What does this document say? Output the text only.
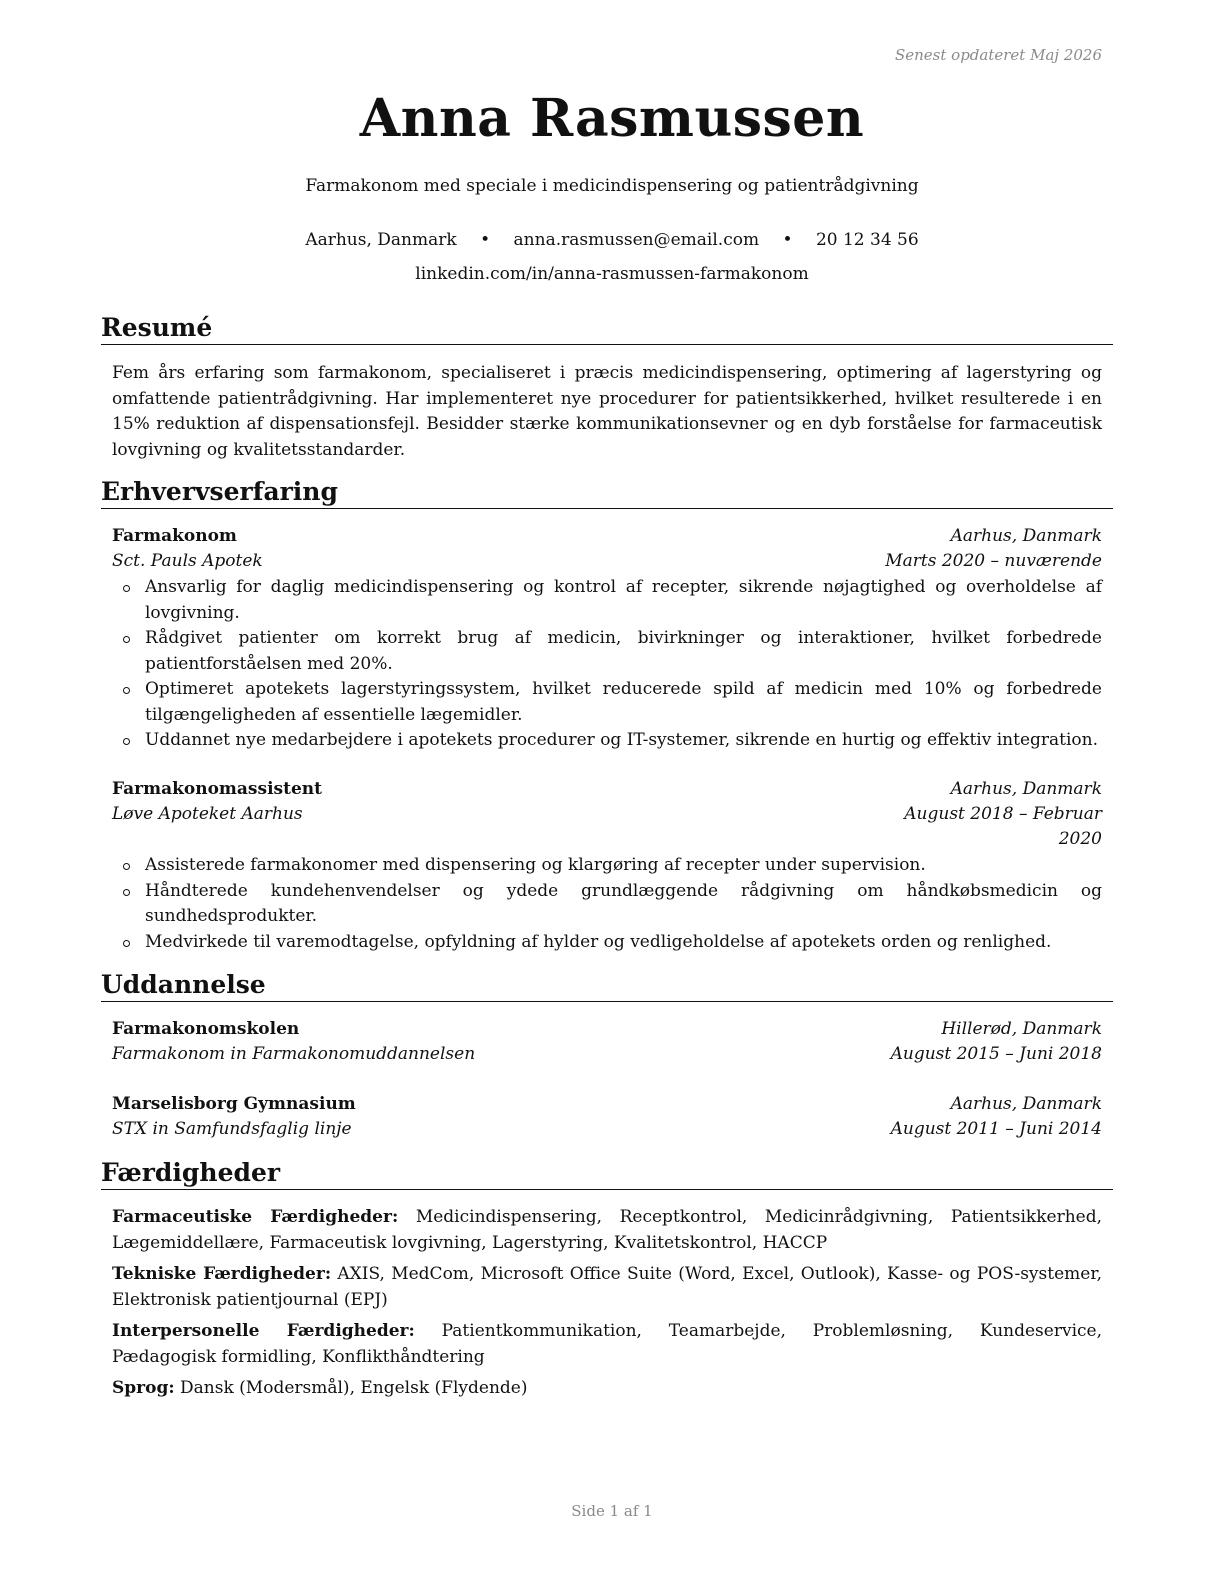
Senest opdateret Maj 2026
Anna Rasmussen
Farmakonom med speciale i medicindispensering og patientrådgivning
Aarhus, Danmark • anna.rasmussen@email.com • 20 12 34 56
linkedin.com/in/anna-rasmussen-farmakonom
Resumé
Fem års erfaring som farmakonom, specialiseret i præcis medicindispensering, optimering af lagerstyring og omfattende patientrådgivning. Har implementeret nye procedurer for patientsikkerhed, hvilket resulterede i en 15% reduktion af dispensationsfejl. Besidder stærke kommunikationsevner og en dyb forståelse for farmaceutisk lovgivning og kvalitetsstandarder.
Erhvervserfaring
Farmakonom	Aarhus, Danmark
Sct. Pauls Apotek	Marts 2020 – nuværende
Ansvarlig for daglig medicindispensering og kontrol af recepter, sikrende nøjagtighed og overholdelse af lovgivning.
Rådgivet patienter om korrekt brug af medicin, bivirkninger og interaktioner, hvilket forbedrede patientforståelsen med 20%.
Optimeret apotekets lagerstyringssystem, hvilket reducerede spild af medicin med 10% og forbedrede tilgængeligheden af essentielle lægemidler.
Uddannet nye medarbejdere i apotekets procedurer og IT-systemer, sikrende en hurtig og effektiv integration.
Farmakonomassistent	Aarhus, Danmark
Løve Apoteket Aarhus	August 2018 – Februar 2020
Assisterede farmakonomer med dispensering og klargøring af recepter under supervision.
Håndterede kundehenvendelser og ydede grundlæggende rådgivning om håndkøbsmedicin og sundhedsprodukter.
Medvirkede til varemodtagelse, opfyldning af hylder og vedligeholdelse af apotekets orden og renlighed.
Uddannelse
Farmakonomskolen	Hillerød, Danmark
Farmakonom in Farmakonomuddannelsen	August 2015 – Juni 2018
Marselisborg Gymnasium	Aarhus, Danmark
STX in Samfundsfaglig linje	August 2011 – Juni 2014
Færdigheder
Farmaceutiske Færdigheder: Medicindispensering, Receptkontrol, Medicinrådgivning, Patientsikkerhed, Lægemiddellære, Farmaceutisk lovgivning, Lagerstyring, Kvalitetskontrol, HACCP
Tekniske Færdigheder: AXIS, MedCom, Microsoft Office Suite (Word, Excel, Outlook), Kasse- og POS-systemer, Elektronisk patientjournal (EPJ)
Interpersonelle Færdigheder: Patientkommunikation, Teamarbejde, Problemløsning, Kundeservice, Pædagogisk formidling, Konflikthåndtering
Sprog: Dansk (Modersmål), Engelsk (Flydende)
Side 1 af 1
